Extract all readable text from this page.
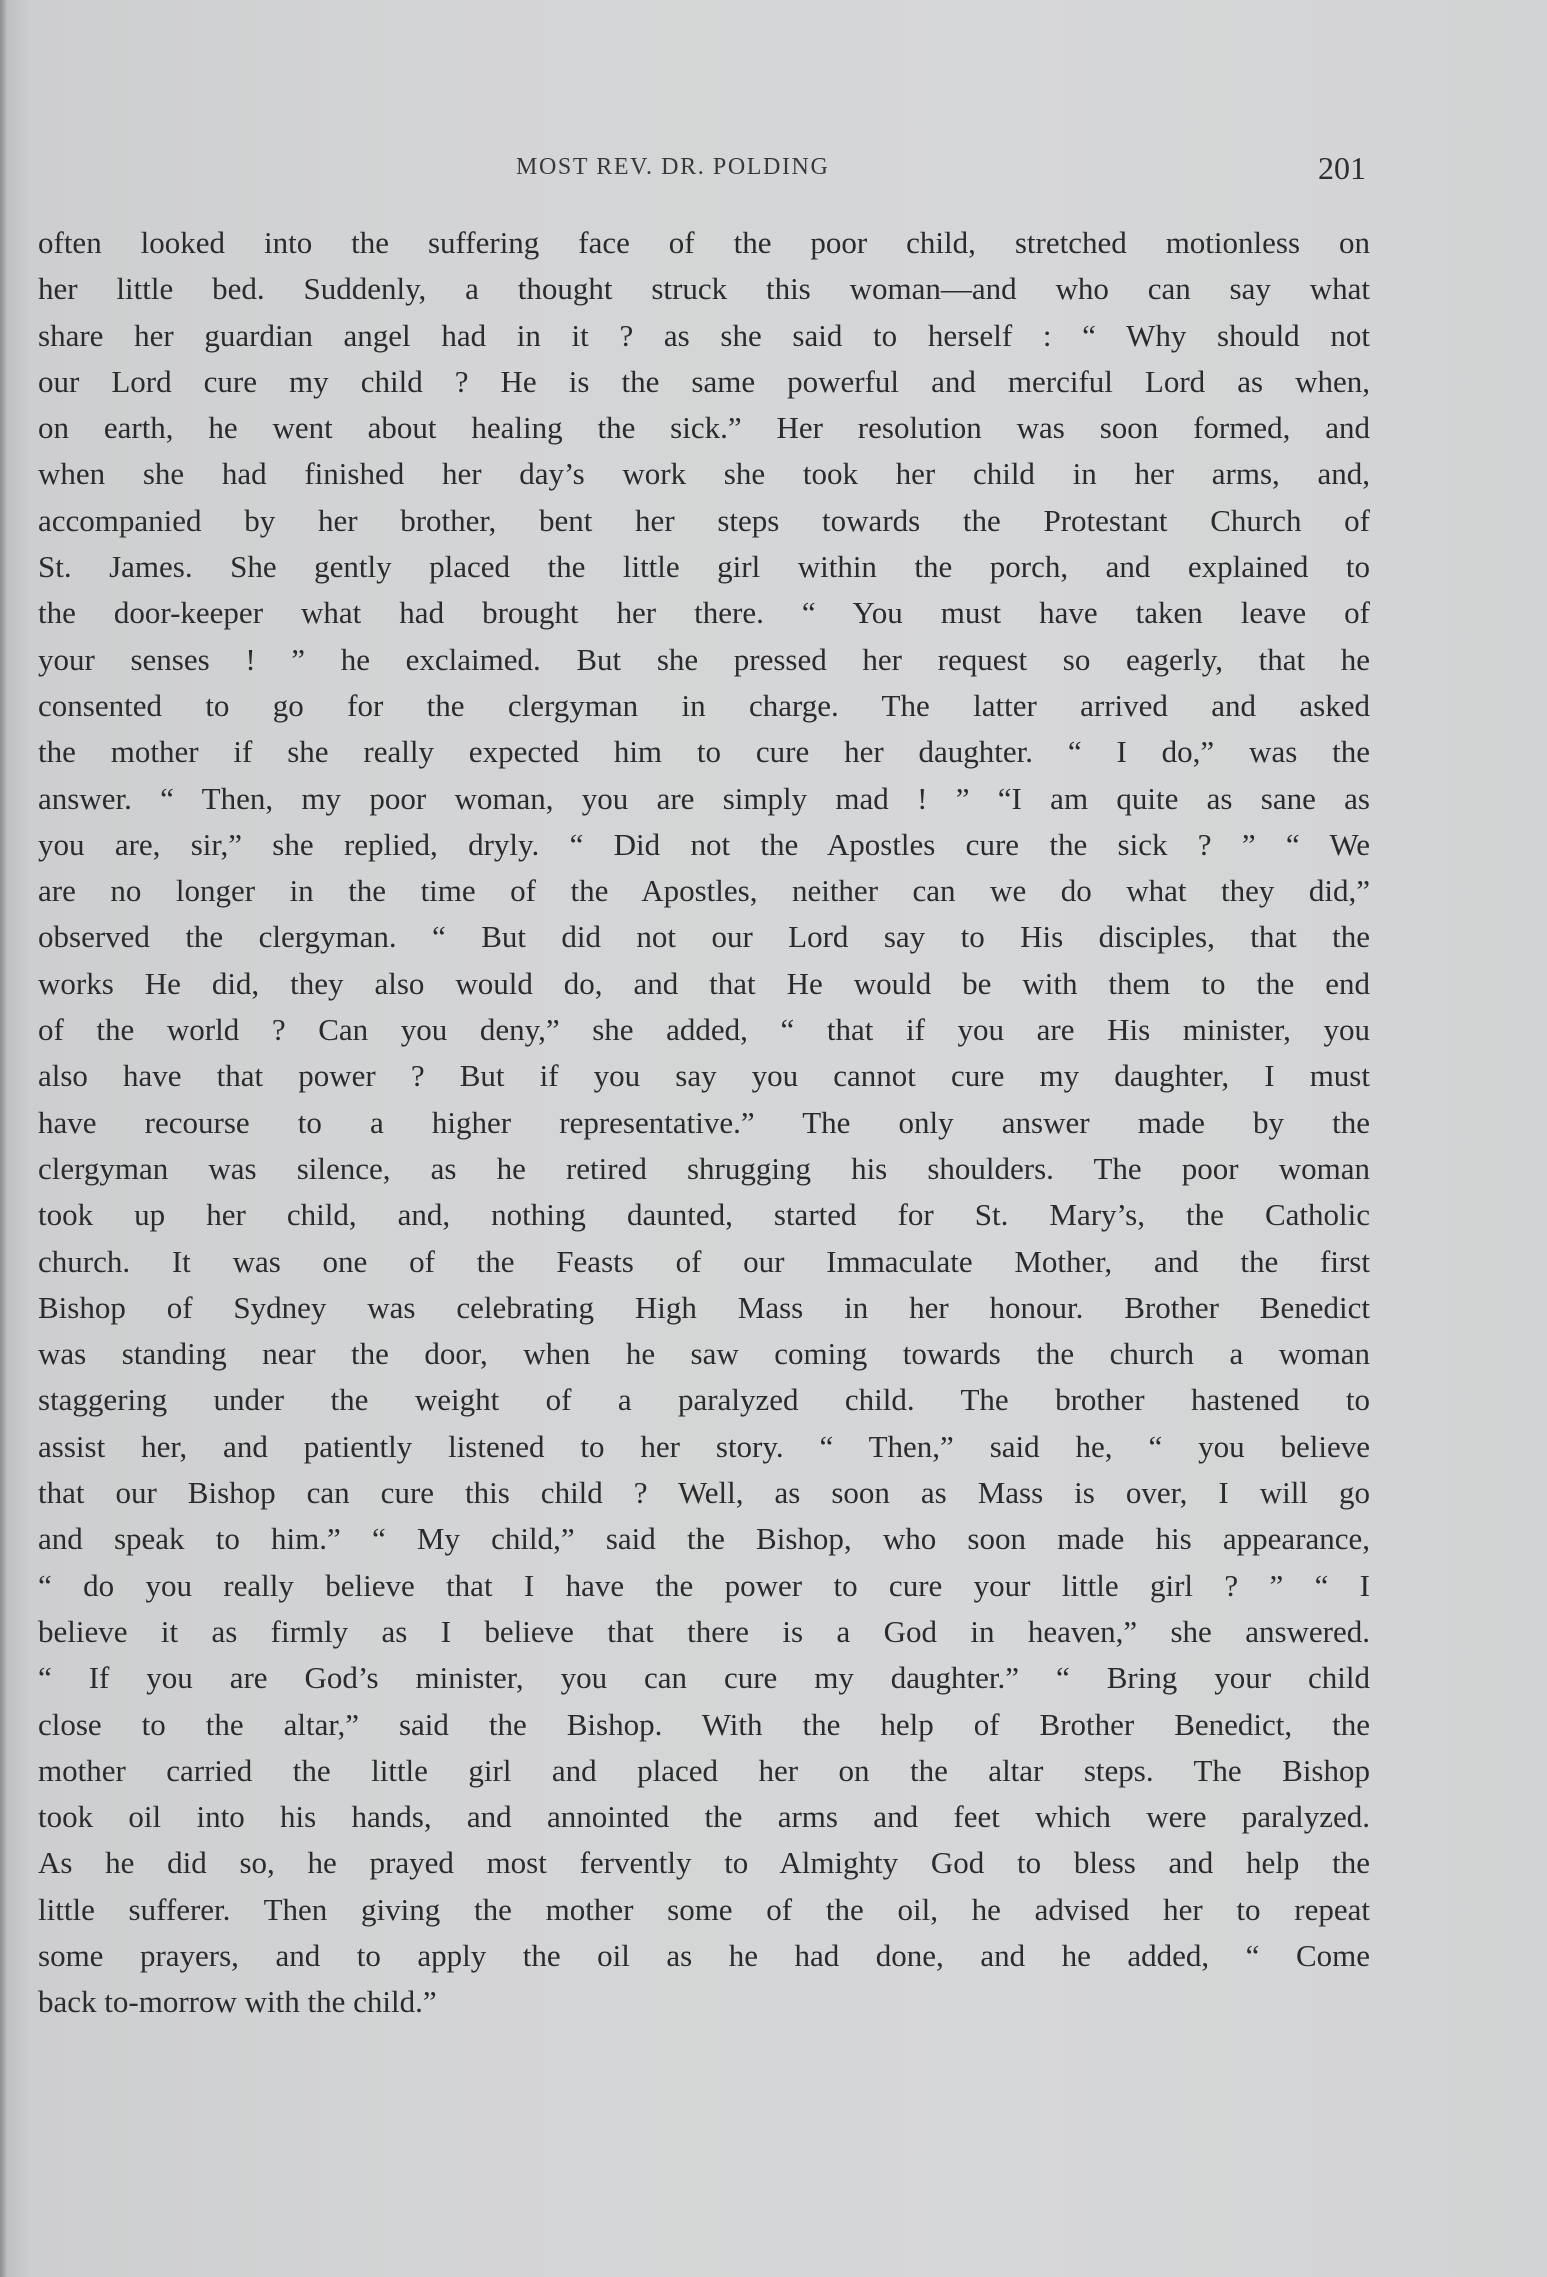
MOST REV. DR. POLDING	201
often looked into the suffering face of the poor child, stretched motionless on
her little bed. Suddenly, a thought struck this woman—and who can say what
share her guardian angel had in it ? as she said to herself : “ Why should not
our Lord cure my child ? He is the same powerful and merciful Lord as when,
on earth, he went about healing the sick.” Her resolution was soon formed, and
when she had finished her day’s work she took her child in her arms, and,
accompanied by her brother, bent her steps towards the Protestant Church of
St. James. She gently placed the little girl within the porch, and explained to
the door-keeper what had brought her there. “ You must have taken leave of
your senses ! ” he exclaimed. But she pressed her request so eagerly, that he
consented to go for the clergyman in charge. The latter arrived and asked
the mother if she really expected him to cure her daughter. “ I do,” was the
answer. “ Then, my poor woman, you are simply mad ! ” “I am quite as sane as
you are, sir,” she replied, dryly. “ Did not the Apostles cure the sick ? ” “ We
are no longer in the time of the Apostles, neither can we do what they did,”
observed the clergyman. “ But did not our Lord say to His disciples, that the
works He did, they also would do, and that He would be with them to the end
of the world ? Can you deny,” she added, “ that if you are His minister, you
also have that power ? But if you say you cannot cure my daughter, I must
have recourse to a higher representative.” The only answer made by the
clergyman was silence, as he retired shrugging his shoulders. The poor woman
took up her child, and, nothing daunted, started for St. Mary’s, the Catholic
church. It was one of the Feasts of our Immaculate Mother, and the first
Bishop of Sydney was celebrating High Mass in her honour. Brother Benedict
was standing near the door, when he saw coming towards the church a woman
staggering under the weight of a paralyzed child. The brother hastened to
assist her, and patiently listened to her story. “ Then,” said he, “ you believe
that our Bishop can cure this child ? Well, as soon as Mass is over, I will go
and speak to him.” “ My child,” said the Bishop, who soon made his appearance,
“ do you really believe that I have the power to cure your little girl ? ” “ I
believe it as firmly as I believe that there is a God in heaven,” she answered.
“ If you are God’s minister, you can cure my daughter.” “ Bring your child
close to the altar,” said the Bishop. With the help of Brother Benedict, the
mother carried the little girl and placed her on the altar steps. The Bishop
took oil into his hands, and annointed the arms and feet which were paralyzed.
As he did so, he prayed most fervently to Almighty God to bless and help the
little sufferer. Then giving the mother some of the oil, he advised her to repeat
some prayers, and to apply the oil as he had done, and he added, “ Come
back to-morrow with the child.”
